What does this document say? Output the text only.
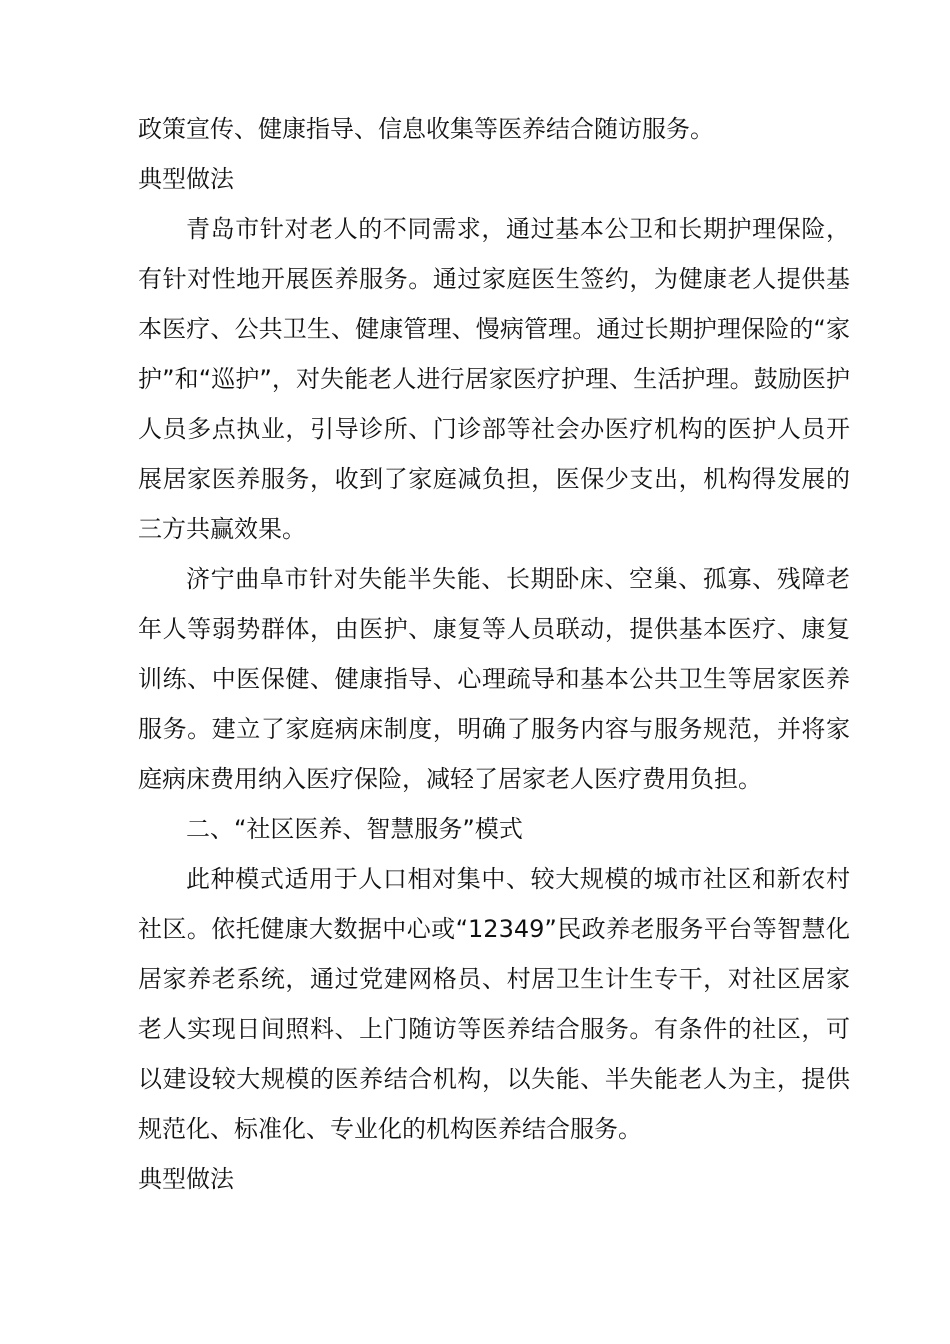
政策宣传、健康指导、信息收集等医养结合随访服务。

典型做法

青岛市针对老人的不同需求，通过基本公卫和长期护理保险，有针对性地开展医养服务。通过家庭医生签约，为健康老人提供基本医疗、公共卫生、健康管理、慢病管理。通过长期护理保险的“家护”和“巡护”，对失能老人进行居家医疗护理、生活护理。鼓励医护人员多点执业，引导诊所、门诊部等社会办医疗机构的医护人员开展居家医养服务，收到了家庭减负担，医保少支出，机构得发展的三方共赢效果。

济宁曲阜市针对失能半失能、长期卧床、空巢、孤寡、残障老年人等弱势群体，由医护、康复等人员联动，提供基本医疗、康复训练、中医保健、健康指导、心理疏导和基本公共卫生等居家医养服务。建立了家庭病床制度，明确了服务内容与服务规范，并将家庭病床费用纳入医疗保险，减轻了居家老人医疗费用负担。

二、“社区医养、智慧服务”模式

此种模式适用于人口相对集中、较大规模的城市社区和新农村社区。依托健康大数据中心或“12349”民政养老服务平台等智慧化居家养老系统，通过党建网格员、村居卫生计生专干，对社区居家老人实现日间照料、上门随访等医养结合服务。有条件的社区，可以建设较大规模的医养结合机构，以失能、半失能老人为主，提供规范化、标准化、专业化的机构医养结合服务。

典型做法
